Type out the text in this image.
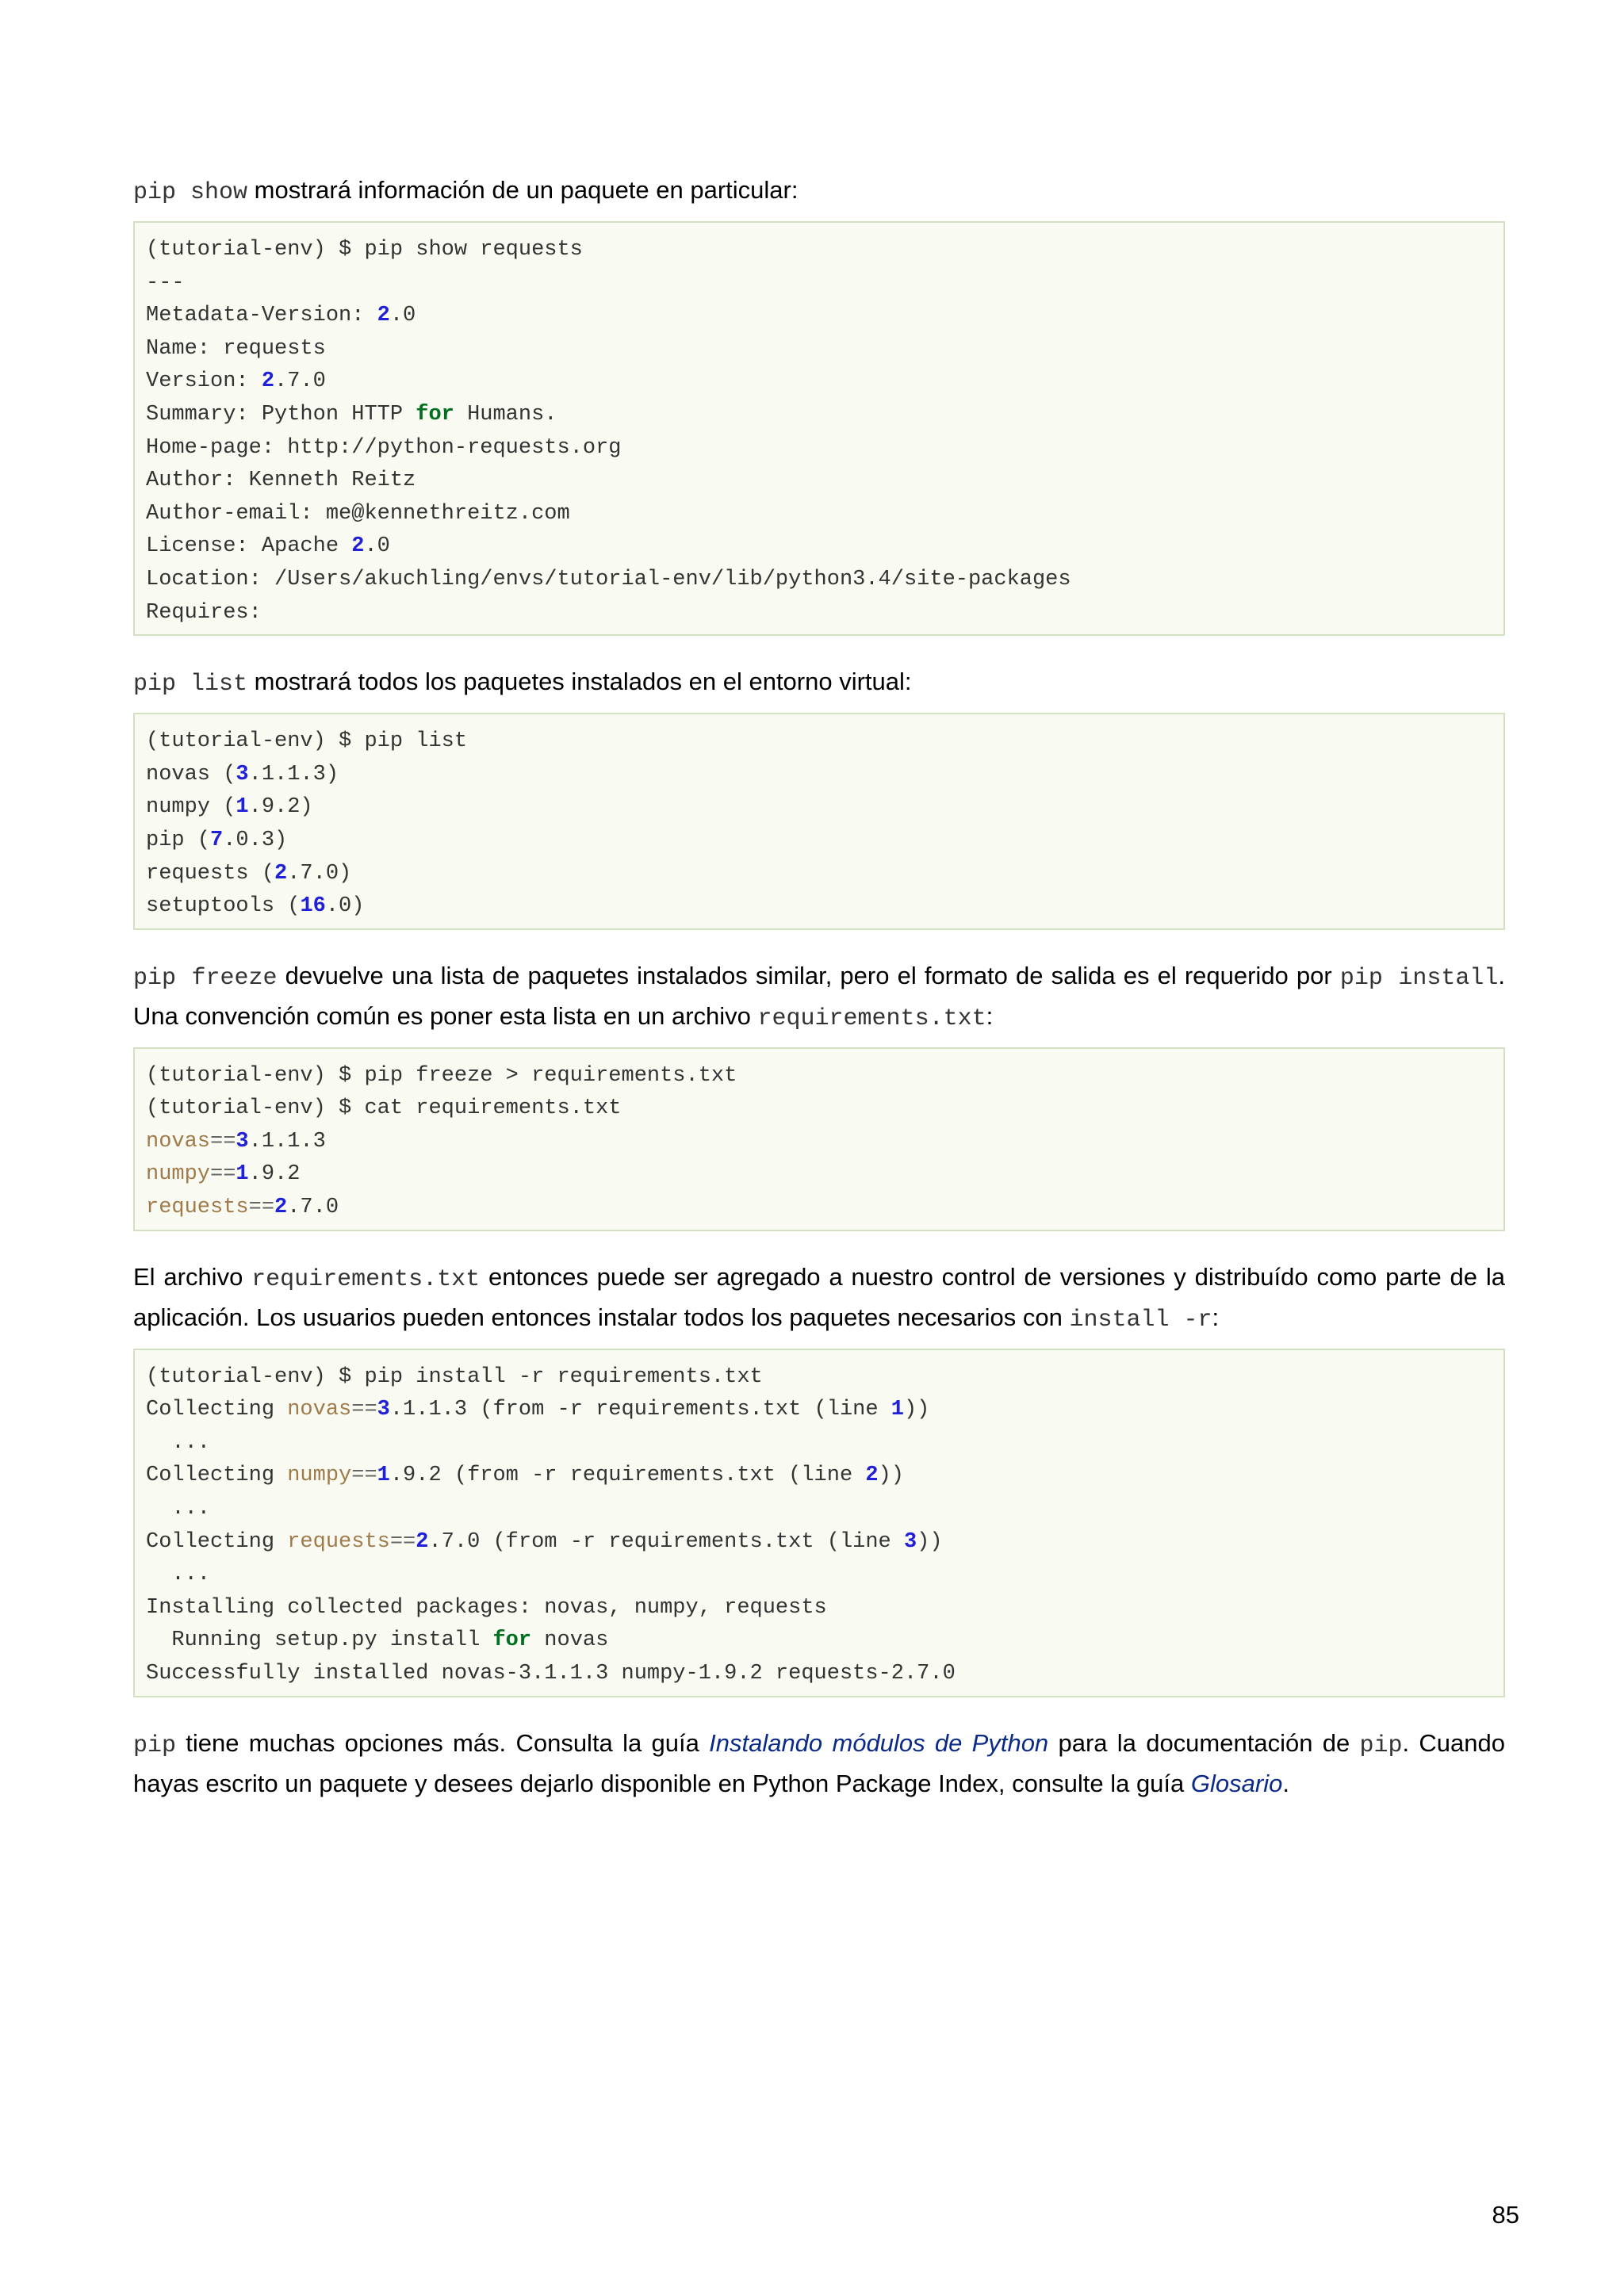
pip show mostrará información de un paquete en particular:

(tutorial-env) $ pip show requests
---
Metadata-Version: 2.0
Name: requests
Version: 2.7.0
Summary: Python HTTP for Humans.
Home-page: http://python-requests.org
Author: Kenneth Reitz
Author-email: me@kennethreitz.com
License: Apache 2.0
Location: /Users/akuchling/envs/tutorial-env/lib/python3.4/site-packages
Requires:

pip list mostrará todos los paquetes instalados en el entorno virtual:

(tutorial-env) $ pip list
novas (3.1.1.3)
numpy (1.9.2)
pip (7.0.3)
requests (2.7.0)
setuptools (16.0)

pip freeze devuelve una lista de paquetes instalados similar, pero el formato de salida es el requerido por pip install. Una convención común es poner esta lista en un archivo requirements.txt:

(tutorial-env) $ pip freeze > requirements.txt
(tutorial-env) $ cat requirements.txt
novas==3.1.1.3
numpy==1.9.2
requests==2.7.0

El archivo requirements.txt entonces puede ser agregado a nuestro control de versiones y distribuído como parte de la aplicación. Los usuarios pueden entonces instalar todos los paquetes necesarios con install -r:

(tutorial-env) $ pip install -r requirements.txt
Collecting novas==3.1.1.3 (from -r requirements.txt (line 1))
...
Collecting numpy==1.9.2 (from -r requirements.txt (line 2))
...
Collecting requests==2.7.0 (from -r requirements.txt (line 3))
...
Installing collected packages: novas, numpy, requests
Running setup.py install for novas
Successfully installed novas-3.1.1.3 numpy-1.9.2 requests-2.7.0

pip tiene muchas opciones más. Consulta la guía Instalando módulos de Python para la documentación de pip. Cuando hayas escrito un paquete y desees dejarlo disponible en Python Package Index, consulte la guía Glosario.

85
